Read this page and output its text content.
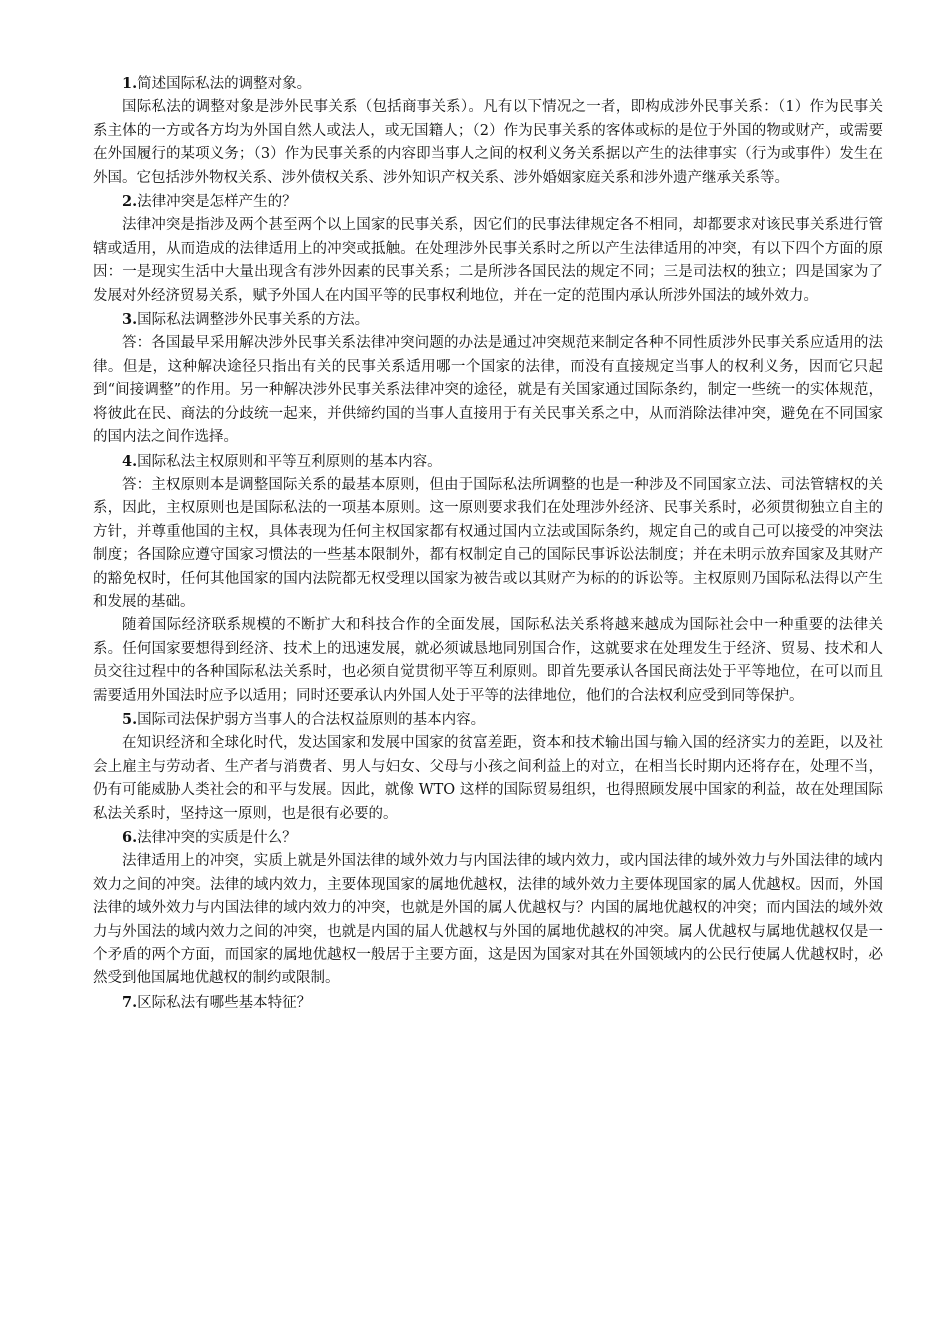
1.简述国际私法的调整对象。

国际私法的调整对象是涉外民事关系（包括商事关系）。凡有以下情况之一者，即构成涉外民事关系：（1）作为民事关系主体的一方或各方均为外国自然人或法人，或无国籍人；（2）作为民事关系的客体或标的是位于外国的物或财产，或需要在外国履行的某项义务；（3）作为民事关系的内容即当事人之间的权利义务关系据以产生的法律事实（行为或事件）发生在外国。它包括涉外物权关系、涉外债权关系、涉外知识产权关系、涉外婚姻家庭关系和涉外遗产继承关系等。

2.法律冲突是怎样产生的？

法律冲突是指涉及两个甚至两个以上国家的民事关系，因它们的民事法律规定各不相同，却都要求对该民事关系进行管辖或适用，从而造成的法律适用上的冲突或抵触。在处理涉外民事关系时之所以产生法律适用的冲突，有以下四个方面的原因：一是现实生活中大量出现含有涉外因素的民事关系；二是所涉各国民法的规定不同；三是司法权的独立；四是国家为了发展对外经济贸易关系，赋予外国人在内国平等的民事权利地位，并在一定的范围内承认所涉外国法的域外效力。

3.国际私法调整涉外民事关系的方法。

答：各国最早采用解决涉外民事关系法律冲突问题的办法是通过冲突规范来制定各种不同性质涉外民事关系应适用的法律。但是，这种解决途径只指出有关的民事关系适用哪一个国家的法律，而没有直接规定当事人的权利义务，因而它只起到“间接调整”的作用。另一种解决涉外民事关系法律冲突的途径，就是有关国家通过国际条约，制定一些统一的实体规范，将彼此在民、商法的分歧统一起来，并供缔约国的当事人直接用于有关民事关系之中，从而消除法律冲突，避免在不同国家的国内法之间作选择。

4.国际私法主权原则和平等互利原则的基本内容。

答：主权原则本是调整国际关系的最基本原则，但由于国际私法所调整的也是一种涉及不同国家立法、司法管辖权的关系，因此，主权原则也是国际私法的一项基本原则。这一原则要求我们在处理涉外经济、民事关系时，必须贯彻独立自主的方针，并尊重他国的主权，具体表现为任何主权国家都有权通过国内立法或国际条约，规定自己的或自己可以接受的冲突法制度；各国除应遵守国家习惯法的一些基本限制外，都有权制定自己的国际民事诉讼法制度；并在未明示放弃国家及其财产的豁免权时，任何其他国家的国内法院都无权受理以国家为被告或以其财产为标的的诉讼等。主权原则乃国际私法得以产生和发展的基础。

随着国际经济联系规模的不断扩大和科技合作的全面发展，国际私法关系将越来越成为国际社会中一种重要的法律关系。任何国家要想得到经济、技术上的迅速发展，就必须诚恳地同别国合作，这就要求在处理发生于经济、贸易、技术和人员交往过程中的各种国际私法关系时，也必须自觉贯彻平等互利原则。即首先要承认各国民商法处于平等地位，在可以而且需要适用外国法时应予以适用；同时还要承认内外国人处于平等的法律地位，他们的合法权利应受到同等保护。

5.国际司法保护弱方当事人的合法权益原则的基本内容。

在知识经济和全球化时代，发达国家和发展中国家的贫富差距，资本和技术输出国与输入国的经济实力的差距，以及社会上雇主与劳动者、生产者与消费者、男人与妇女、父母与小孩之间利益上的对立，在相当长时期内还将存在，处理不当，仍有可能威胁人类社会的和平与发展。因此，就像 WTO 这样的国际贸易组织，也得照顾发展中国家的利益，故在处理国际私法关系时，坚持这一原则，也是很有必要的。

6.法律冲突的实质是什么？

法律适用上的冲突，实质上就是外国法律的域外效力与内国法律的域内效力，或内国法律的域外效力与外国法律的域内效力之间的冲突。法律的域内效力，主要体现国家的属地优越权，法律的域外效力主要体现国家的属人优越权。因而，外国法律的域外效力与内国法律的域内效力的冲突，也就是外国的属人优越权与？内国的属地优越权的冲突；而内国法的域外效力与外国法的域内效力之间的冲突，也就是内国的届人优越权与外国的属地优越权的冲突。属人优越权与属地优越权仅是一个矛盾的两个方面，而国家的属地优越权一般居于主要方面，这是因为国家对其在外国领域内的公民行使属人优越权时，必然受到他国属地优越权的制约或限制。

7.区际私法有哪些基本特征？
